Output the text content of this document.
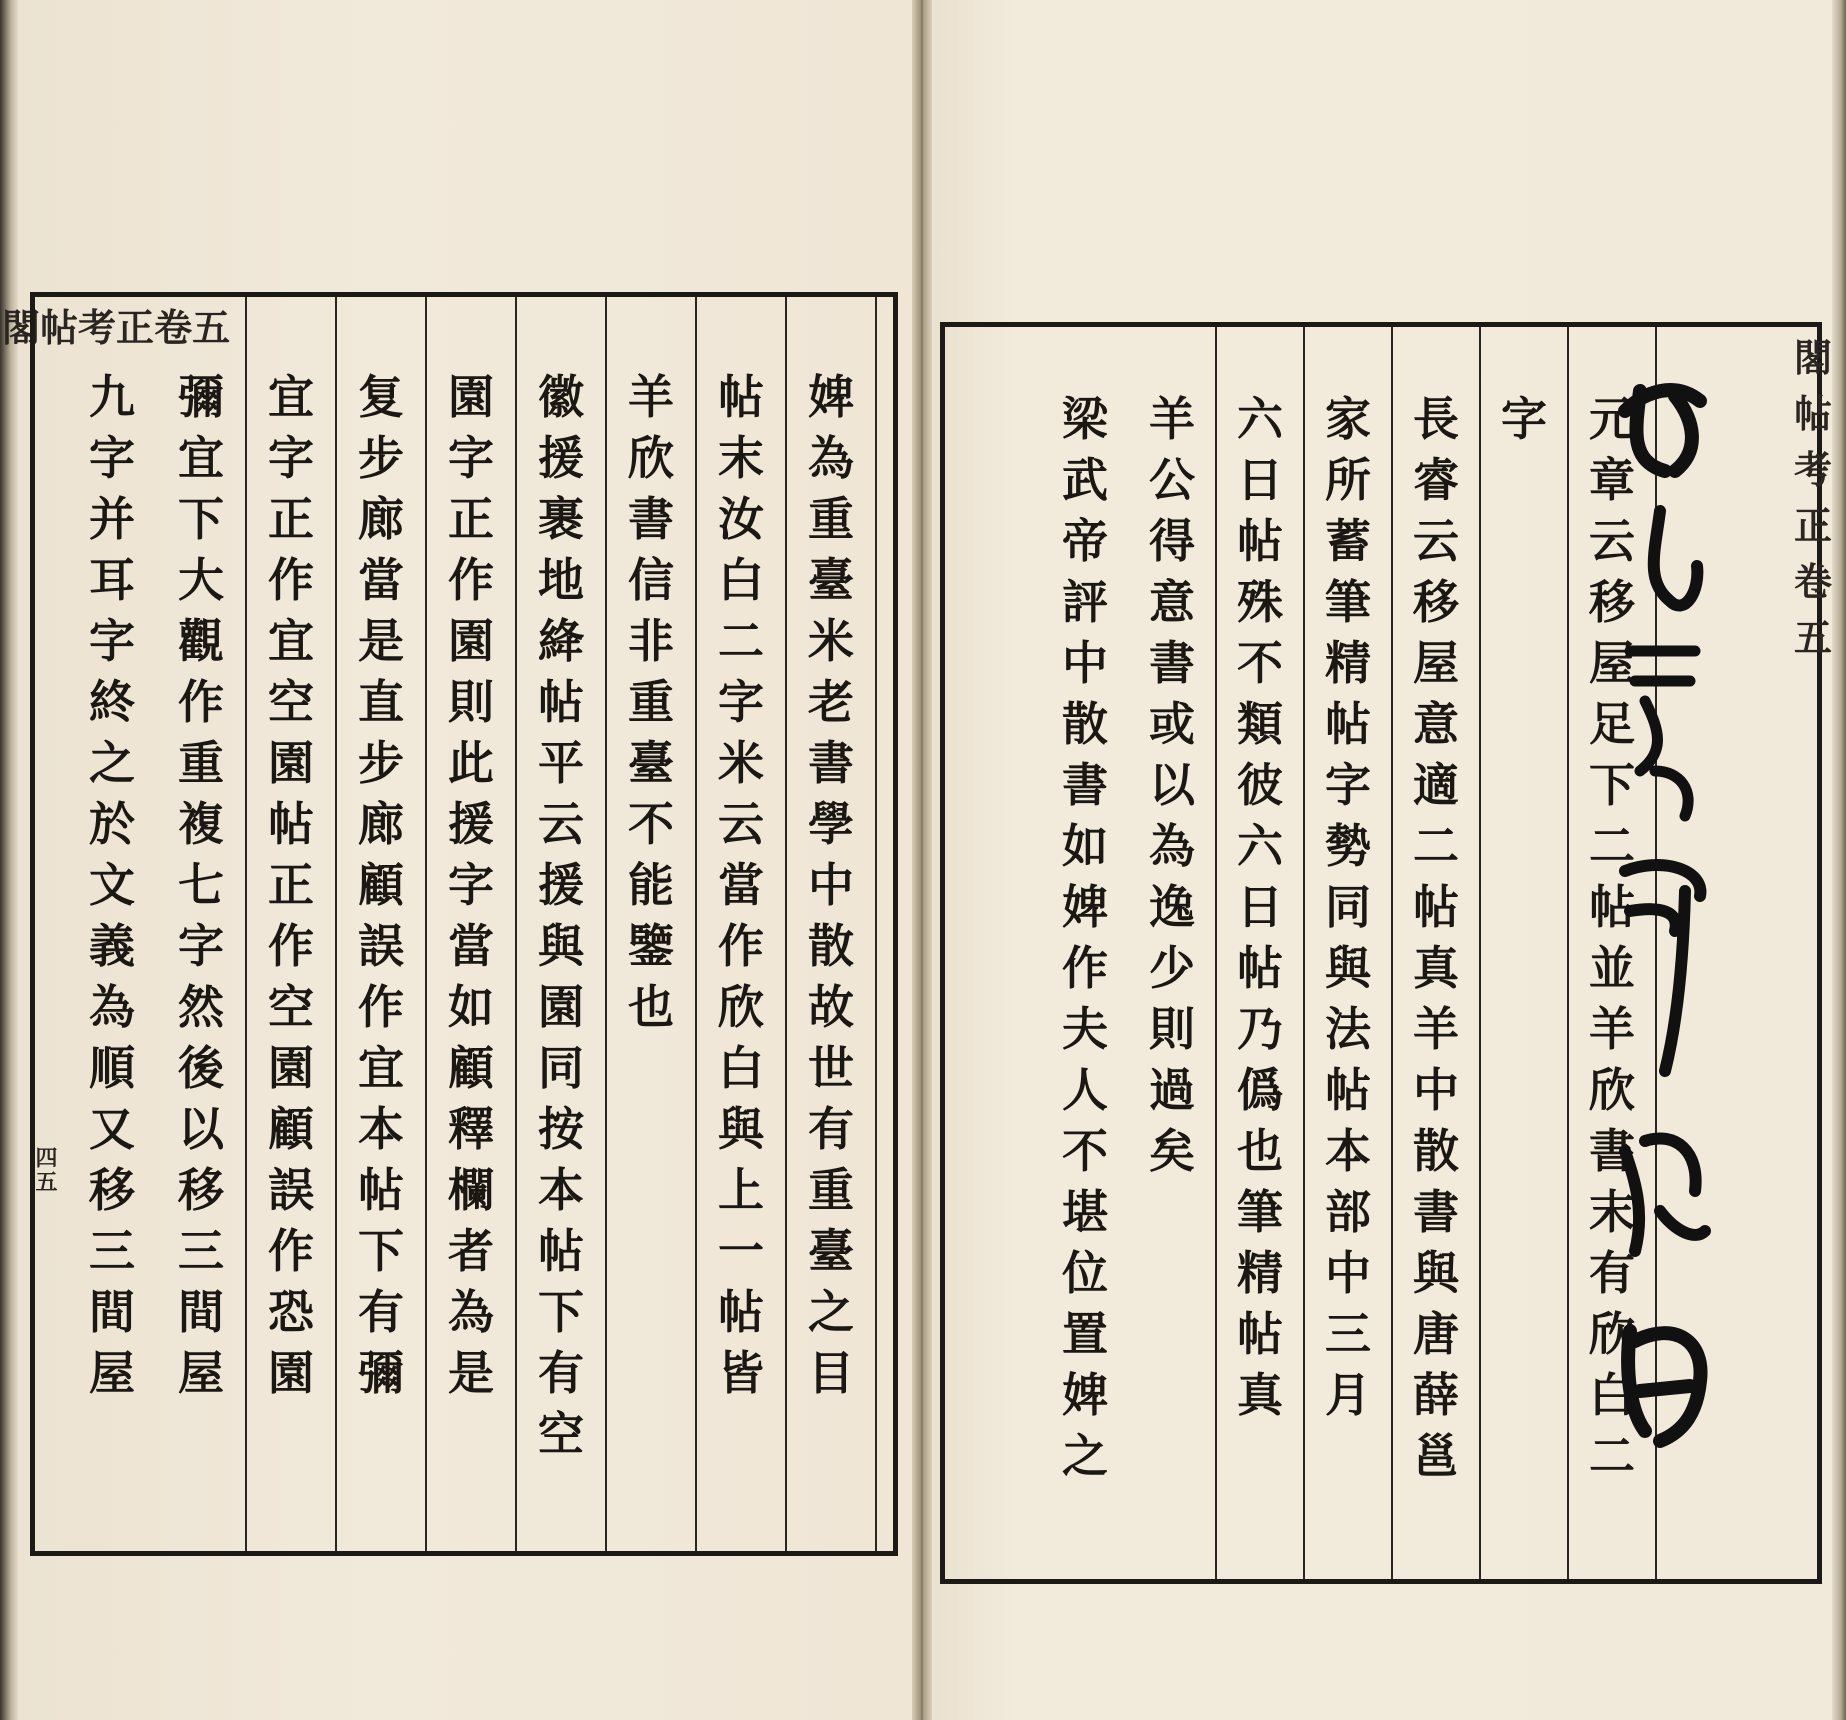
閣帖考正卷五
四五
婢
為
重
臺
米
老
書
學
中
散
故
世
有
重
臺
之
目
帖
末
汝
白
二
字
米
云
當
作
欣
白
與
上
一
帖
皆
羊
欣
書
信
非
重
臺
不
能
鑒
也
徽
援
裹
地
絳
帖
平
云
援
與
園
同
按
本
帖
下
有
空
園
字
正
作
園
則
此
援
字
當
如
顧
釋
欄
者
為
是
复
步
廊
當
是
直
步
廊
顧
誤
作
宜
本
帖
下
有
彌
宜
字
正
作
宜
空
園
帖
正
作
空
園
顧
誤
作
恐
園
彌
宜
下
大
觀
作
重
複
七
字
然
後
以
移
三
間
屋
九
字
并
耳
字
終
之
於
文
義
為
順
又
移
三
間
屋
元
章
云
移
屋
足
下
二
帖
並
羊
欣
書
末
有
欣
白
二
字
長
睿
云
移
屋
意
適
二
帖
真
羊
中
散
書
與
唐
薛
邕
家
所
蓄
筆
精
帖
字
勢
同
與
法
帖
本
部
中
三
月
六
日
帖
殊
不
類
彼
六
日
帖
乃
僞
也
筆
精
帖
真
羊
公
得
意
書
或
以
為
逸
少
則
過
矣
梁
武
帝
評
中
散
書
如
婢
作
夫
人
不
堪
位
置
婢
之
閣帖考正卷五
